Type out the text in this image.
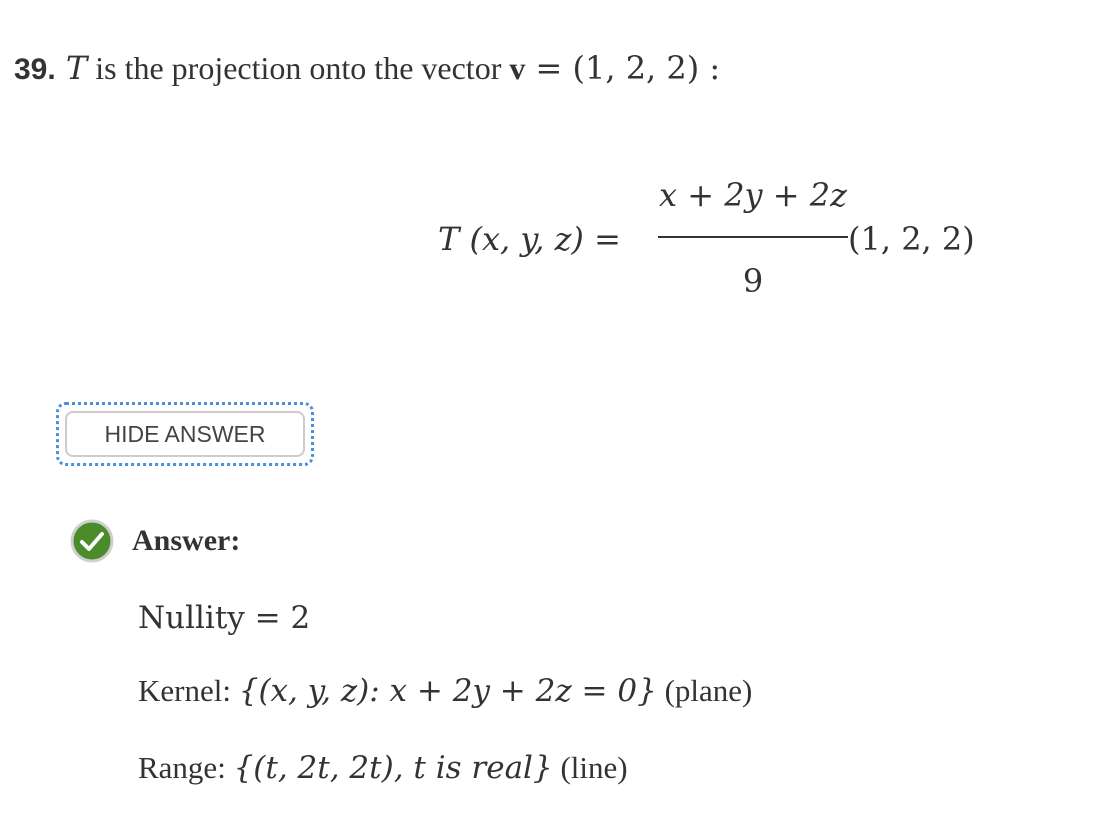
39. T is the projection onto the vector v = (1, 2, 2) :
T (x, y, z) =
x + 2y + 2z
9
(1, 2, 2)
HIDE ANSWER
Answer:
Nullity = 2
Kernel: {(x, y, z): x + 2y + 2z = 0} (plane)
Range: {(t, 2t, 2t), t is real} (line)
